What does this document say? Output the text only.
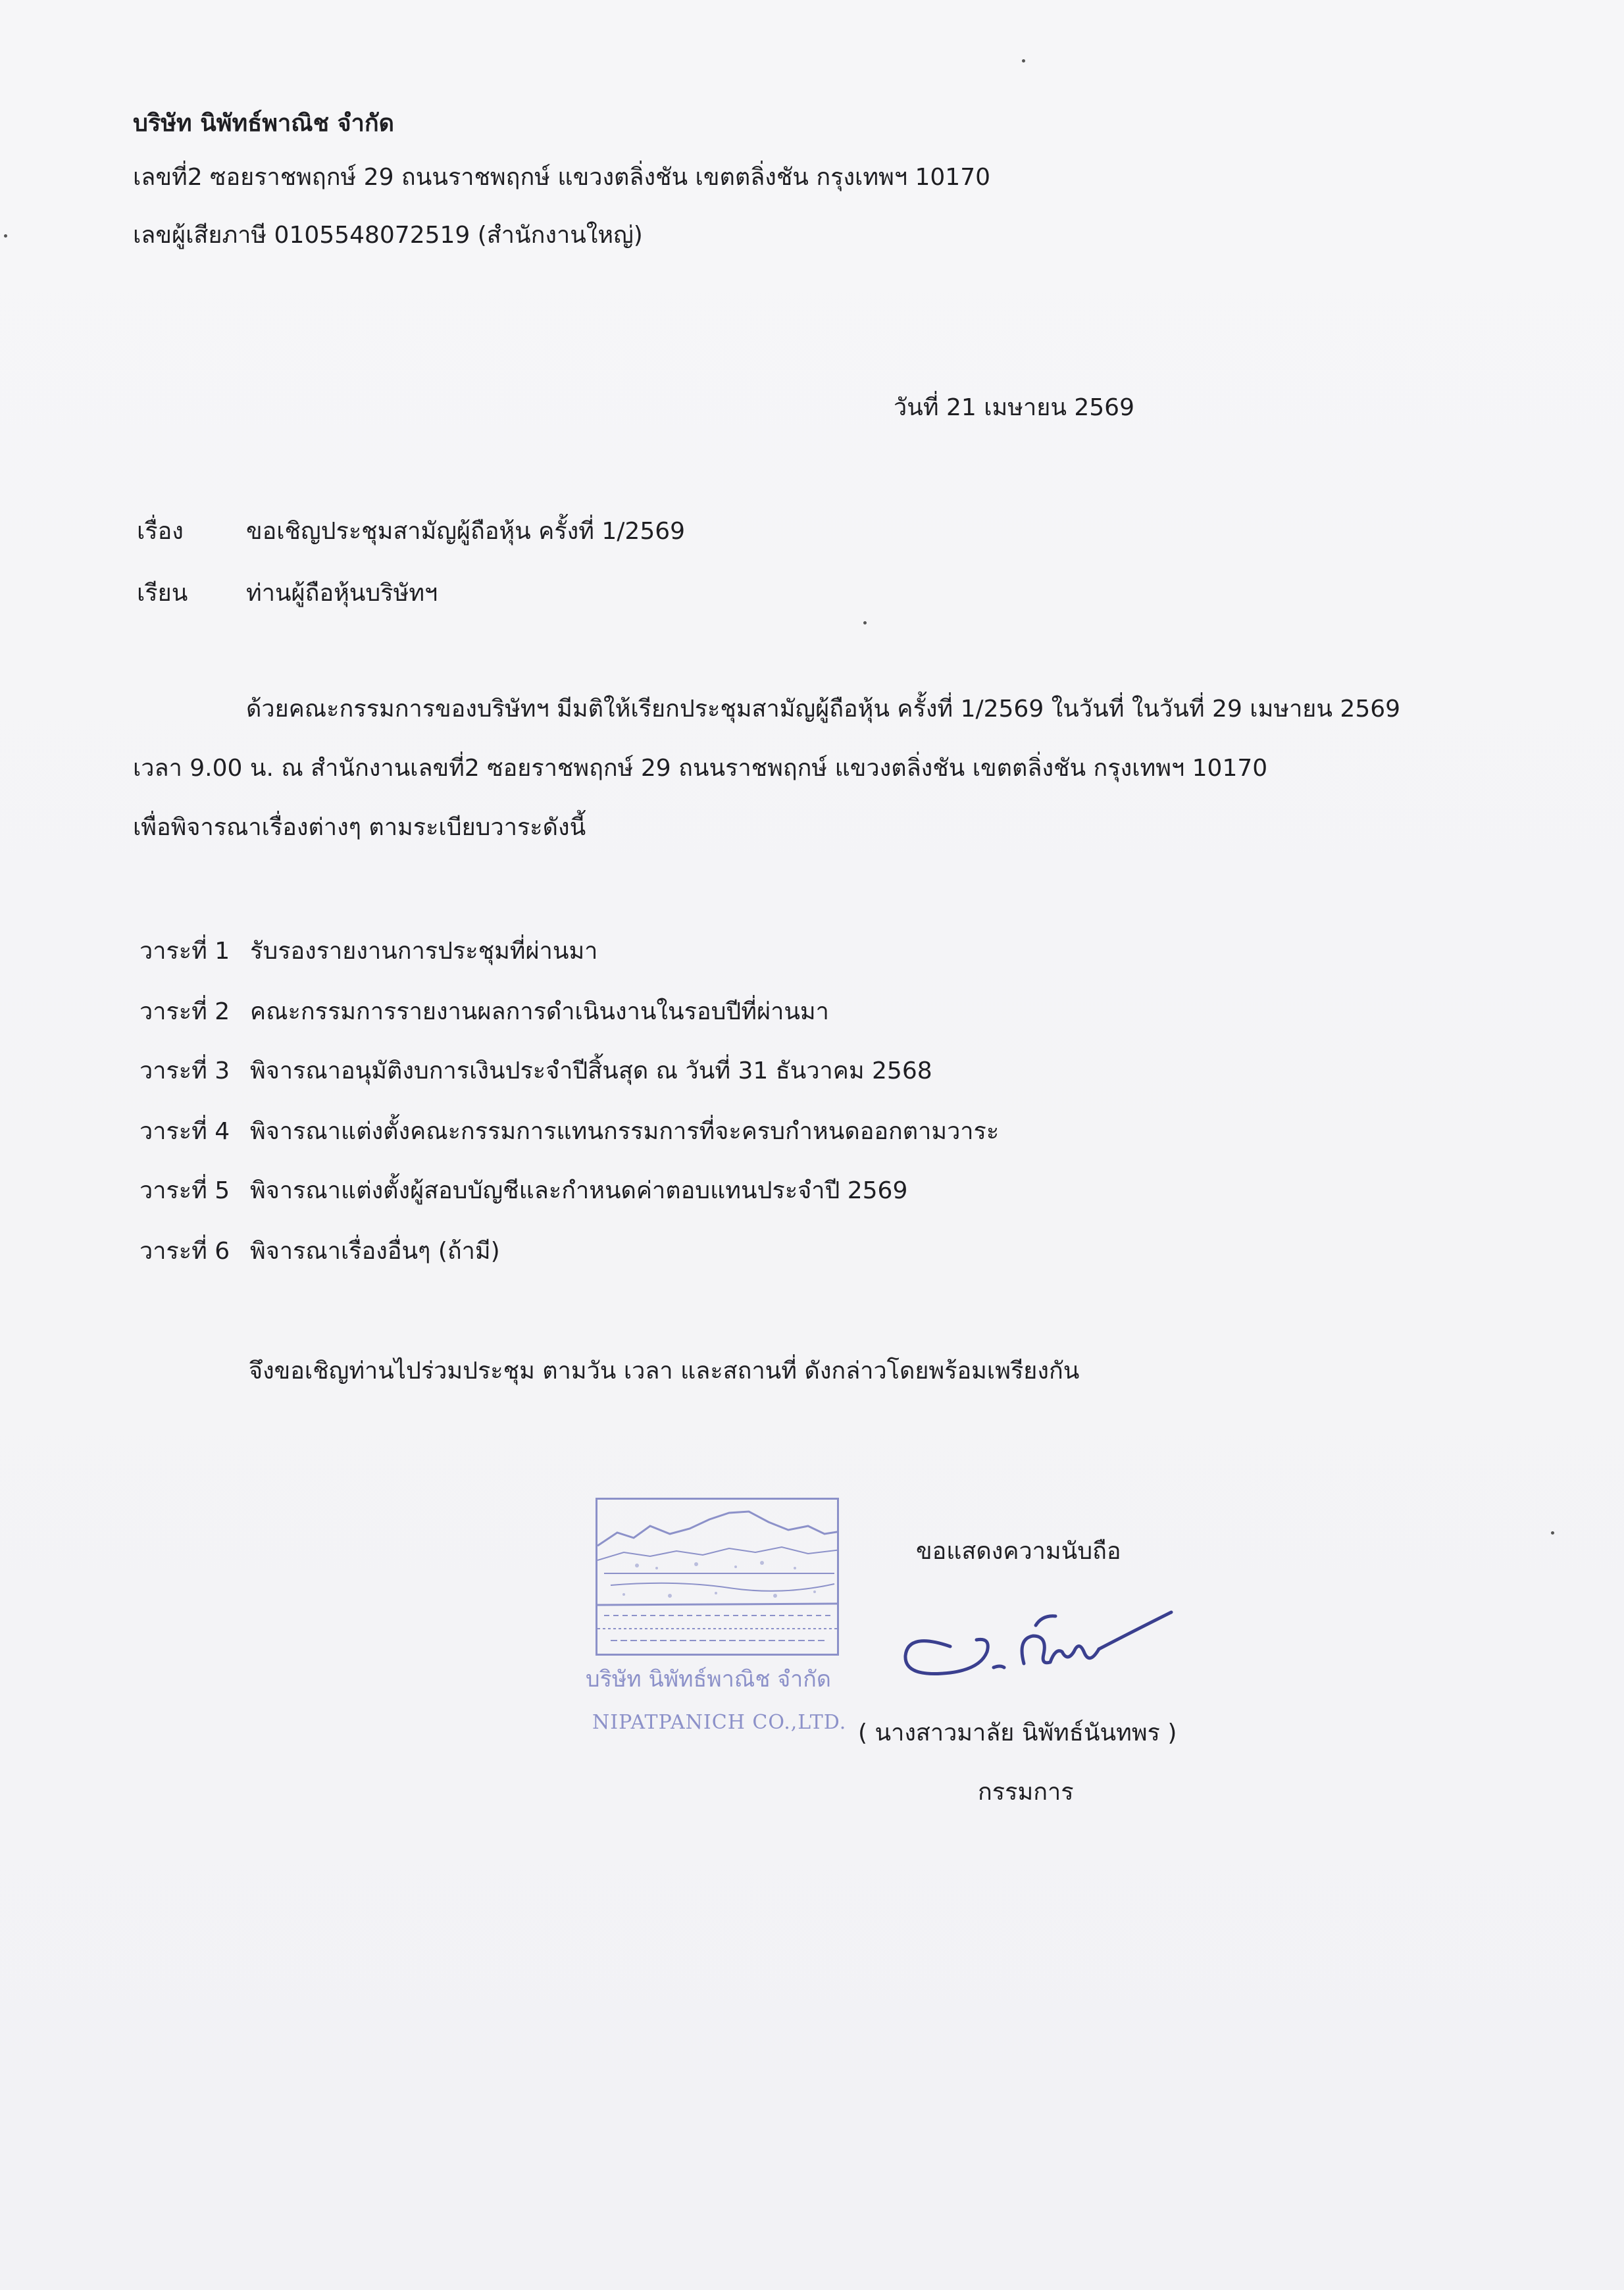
บริษัท นิพัทธ์พาณิช จำกัด
เลขที่2 ซอยราชพฤกษ์ 29 ถนนราชพฤกษ์ แขวงตลิ่งชัน เขตตลิ่งชัน กรุงเทพฯ 10170
เลขผู้เสียภาษี 0105548072519 (สำนักงานใหญ่)
วันที่ 21 เมษายน 2569
เรื่อง	ขอเชิญประชุมสามัญผู้ถือหุ้น ครั้งที่ 1/2569
เรียน ท่านผู้ถือหุ้นบริษัทฯ
ด้วยคณะกรรมการของบริษัทฯ มีมติให้เรียกประชุมสามัญผู้ถือหุ้น ครั้งที่ 1/2569 ในวันที่ ในวันที่ 29 เมษายน 2569
เวลา 9.00 น. ณ สำนักงานเลขที่2 ซอยราชพฤกษ์ 29 ถนนราชพฤกษ์ แขวงตลิ่งชัน เขตตลิ่งชัน กรุงเทพฯ 10170
เพื่อพิจารณาเรื่องต่างๆ ตามระเบียบวาระดังนี้
วาระที่ 1 รับรองรายงานการประชุมที่ผ่านมา
วาระที่ 2 คณะกรรมการรายงานผลการดำเนินงานในรอบปีที่ผ่านมา
วาระที่ 3 พิจารณาอนุมัติงบการเงินประจำปีสิ้นสุด ณ วันที่ 31 ธันวาคม 2568
วาระที่ 4 พิจารณาแต่งตั้งคณะกรรมการแทนกรรมการที่จะครบกำหนดออกตามวาระ
วาระที่ 5 พิจารณาแต่งตั้งผู้สอบบัญชีและกำหนดค่าตอบแทนประจำปี 2569
วาระที่ 6 พิจารณาเรื่องอื่นๆ (ถ้ามี)
จึงขอเชิญท่านไปร่วมประชุม ตามวัน เวลา และสถานที่ ดังกล่าวโดยพร้อมเพรียงกัน
ขอแสดงความนับถือ
บริษัท นิพัทธ์พาณิช จำกัด
NIPATPANICH CO.,LTD. ( นางสาวมาลัย นิพัทธ์นันทพร )
กรรมการ
